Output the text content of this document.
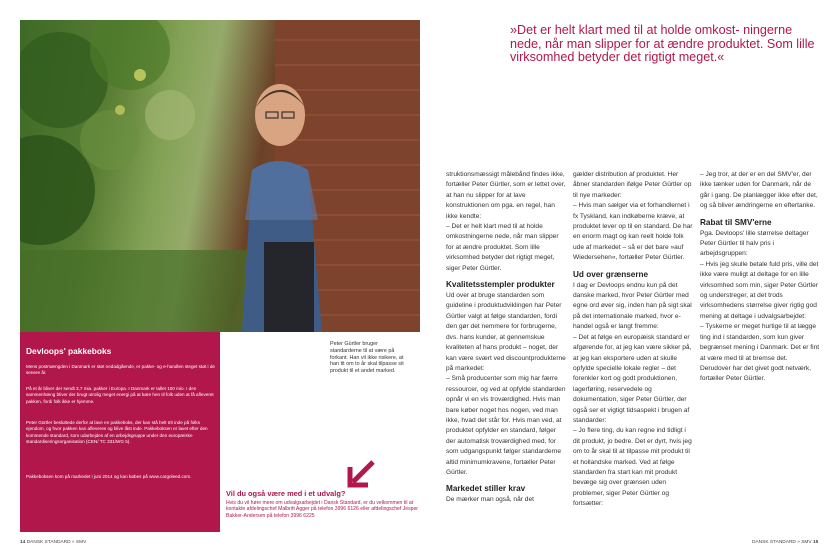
Devloops' pakkeboks

Mens postmængden i Danmark er støt nedadgående, er pakke- og e-handlen steget støt i de senere år.

På et år bliver der sendt 3,7 mia. pakker i Europa. I Danmark er tallet 100 mio. I den sammenhæng bliver der brugt utrolig meget energi på at køre hen til folk uden at få afleveret pakken, fordi folk ikke er hjemme.

Peter Gürtler besluttede derfor at lave en pakkeboks, der kan stå helt trit inde på folks ejendom, og hvor pakken kan afleveres og blive låst inde. Pakkeboksen er lavet efter den kommende standard, som udarbejdes af en arbejdsgruppe under den europæiske standardiseringsorganisation (CEN/ TC 331/WG 5).

Pakkeboksen kom på markedet i juni 2014 og kan købes på www.cargoleed.com.

Peter Gürtler bruger standarderne til at være på forkant. Han vil ikke risikere, at han tit om to år skal tilpasse sit produkt til et andet marked.

Vil du også være med i et udvalg?

Hvis du vil høre mere om udvalgsarbejdet i Dansk Standard, er du velkommen til at kontakte afdelingschef Malbritt Agger på telefon 3996 6126 eller afdelingschef Jesper Bakker-Andersen på telefon 3996 6225

»Det er helt klart med til at holde omkost- ningerne nede, når man slipper for at ændre produktet. Som lille virksomhed betyder det rigtigt meget.«

struktionsmæssigt målebånd findes ikke, fortæller Peter Gürtler, som er lettet over, at han nu slipper for at lave konstruktionen om pga. en regel, han ikke kendte:

– Det er helt klart med til at holde omkostningerne nede, når man slipper for at ændre produktet. Som lille virksomhed betyder det rigtigt meget, siger Peter Gürtler.

Kvalitetsstempler produkter

Ud over at bruge standarden som guideline i produktudviklingen har Peter Gürtler valgt at følge standarden, fordi den gør det nemmere for forbrugerne, dvs. hans kunder, at gennemskue kvaliteten af hans produkt – noget, der kan være svært ved discountprodukterne på markedet:

– Små producenter som mig har færre ressourcer, og ved at opfylde standarden opnår vi en vis troværdighed. Hvis man bare køber noget hos nogen, ved man ikke, hvad det står for. Hvis man ved, at produktet opfylder en standard, følger der automatisk troværdighed med, for som udgangspunkt følger standarderne altid minimumkravene, fortæller Peter Gürtler.

Markedet stiller krav

De mærker man også, når det

gælder distribution af produktet. Her åbner standarden ifølge Peter Gürtler op til nye markeder:

– Hvis man sælger via et forhandlernet i fx Tyskland, kan indkøberne kræve, at produktet lever op til en standard. De har en enorm magt og kan reelt holde folk ude af markedet – så er det bare »auf Wiedersehen«, fortæller Peter Gürtler.

Ud over grænserne

I dag er Devloops endnu kun på det danske marked, hvor Peter Gürtler med egne ord øver sig, inden han på sigt skal på det internationale marked, hvor e-handel også er langt fremme:

– Det at følge en europæisk standard er afgørende for, at jeg kan være sikker på, at jeg kan eksportere uden at skulle opfylde specielle lokale regler – det forenkler kort og godt produktionen, lagerføring, reservedele og dokumentation, siger Peter Gürtler, der også ser et vigtigt tidsaspekt i brugen af standarder:

– Jo flere ting, du kan regne ind tidligt i dit produkt, jo bedre. Det er dyrt, hvis jeg om to år skal til at tilpasse mit produkt til et hollandske marked. Ved at følge standarden fra start kan mit produkt bevæge sig over grænsen uden problemer, siger Peter Gürtler og fortsætter:

– Jeg tror, at der er en del SMV'er, der ikke tænker uden for Danmark, når de går i gang. De planlægger ikke efter det, og så bliver ændringerne en eftertanke.

Rabat til SMV'erne

Pga. Devloops' lille størrelse deltager Peter Gürtler til halv pris i arbejdsgruppen:

– Hvis jeg skulle betale fuld pris, ville det ikke være muligt at deltage for en lille virksomhed som min, siger Peter Gürtler og understreger, at det trods virksomhedens størrelse giver rigtig god mening at deltage i udvalgsarbejdet:

– Tyskerne er meget hurtige til at lægge ting ind i standarden, som kun giver begrænset mening i Danmark. Det er fint at være med til at bremse det. Derudover har det givet godt netværk, fortæller Peter Gürtler.

14 DANSK STANDARD » SMV	DANSK STANDARD » SMV 15
